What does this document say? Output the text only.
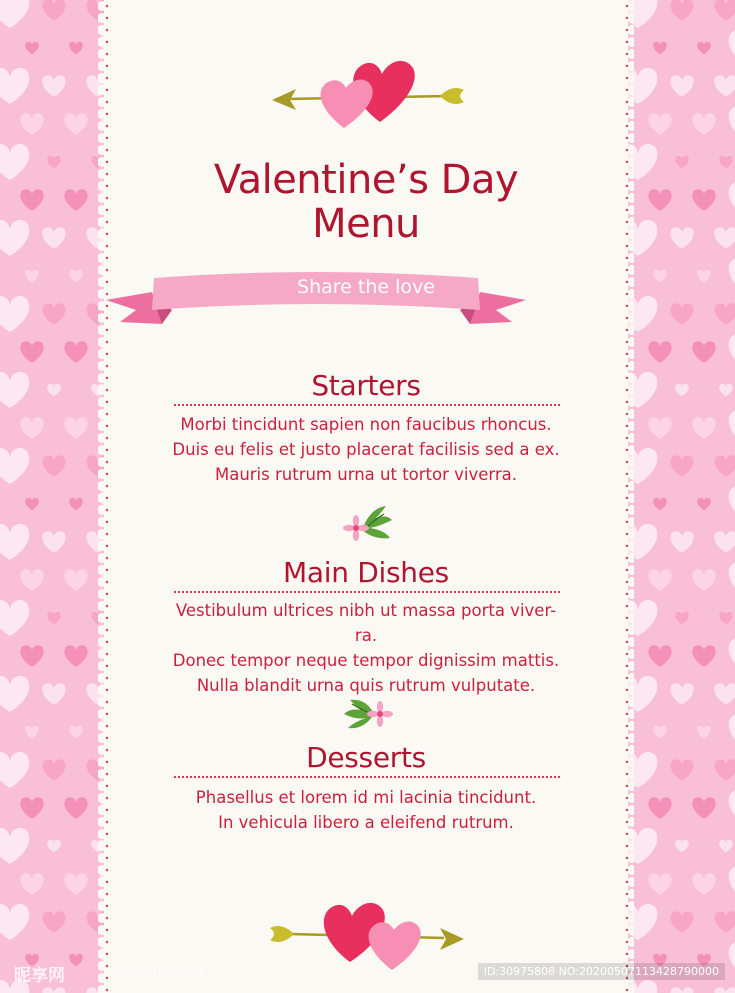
Valentine’s Day
Menu
Share the love
Starters
Morbi tincidunt sapien non faucibus rhoncus.
Duis eu felis et justo placerat facilisis sed a ex.
Mauris rutrum urna ut tortor viverra.
Main Dishes
Vestibulum ultrices nibh ut massa porta viver-
ra.
Donec tempor neque tempor dignissim mattis.
Nulla blandit urna quis rutrum vulputate.
Desserts
Phasellus et lorem id mi lacinia tincidunt.
In vehicula libero a eleifend rutrum.
昵享网	www.nipic.cn	ID:30975808 NO:20200507113428790000
